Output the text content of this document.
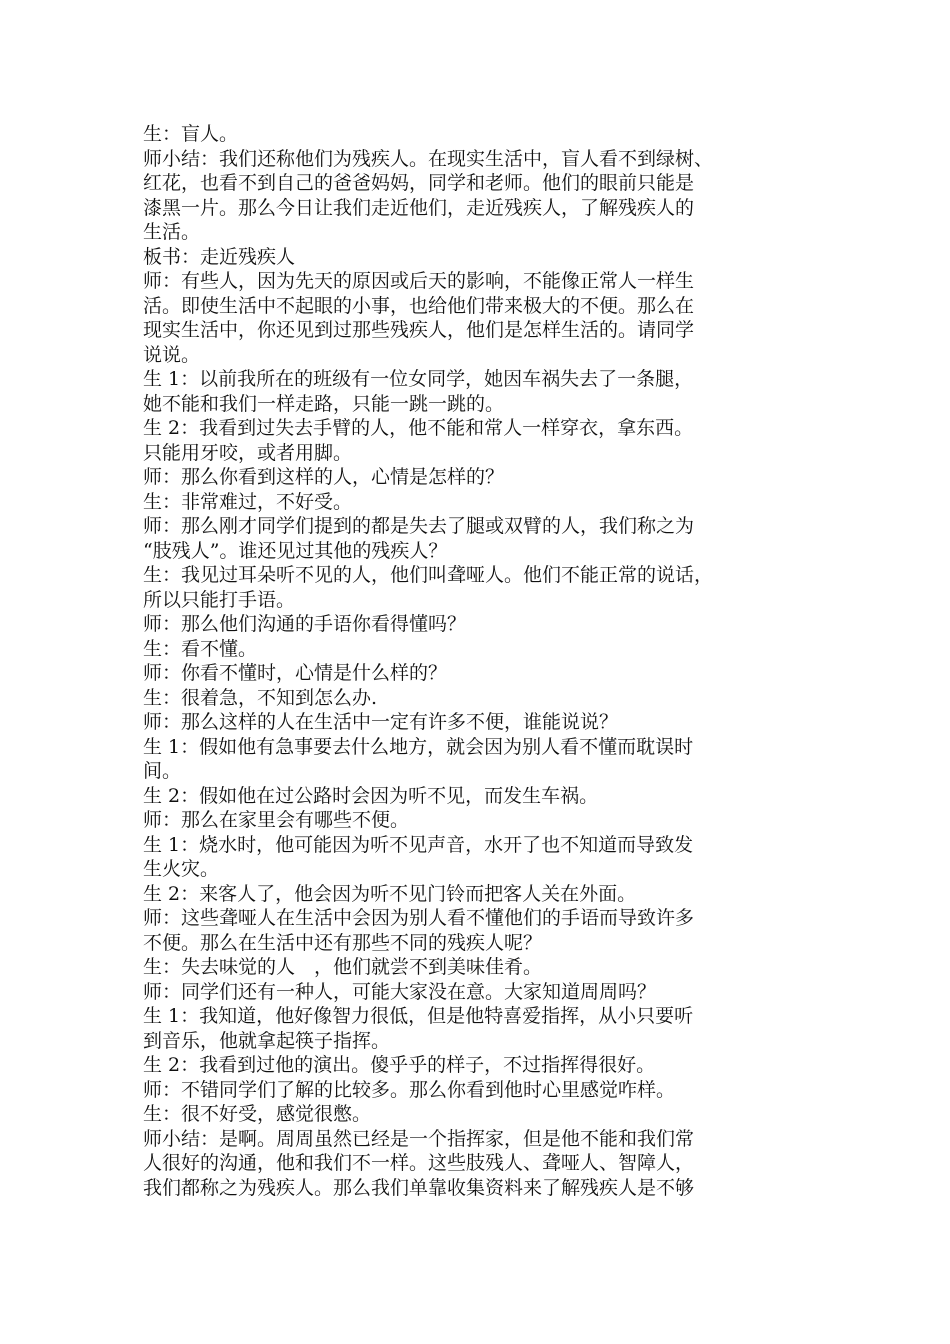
生：盲人。
师小结：我们还称他们为残疾人。在现实生活中，盲人看不到绿树、
红花，也看不到自己的爸爸妈妈，同学和老师。他们的眼前只能是
漆黑一片。那么今日让我们走近他们，走近残疾人，了解残疾人的
生活。
板书：走近残疾人
师：有些人，因为先天的原因或后天的影响，不能像正常人一样生
活。即使生活中不起眼的小事，也给他们带来极大的不便。那么在
现实生活中，你还见到过那些残疾人，他们是怎样生活的。请同学
说说。
生 1：以前我所在的班级有一位女同学，她因车祸失去了一条腿，
她不能和我们一样走路，只能一跳一跳的。
生 2：我看到过失去手臂的人，他不能和常人一样穿衣，拿东西。
只能用牙咬，或者用脚。
师：那么你看到这样的人，心情是怎样的？
生：非常难过，不好受。
师：那么刚才同学们提到的都是失去了腿或双臂的人，我们称之为
“肢残人”。谁还见过其他的残疾人？
生：我见过耳朵听不见的人，他们叫聋哑人。他们不能正常的说话，
所以只能打手语。
师：那么他们沟通的手语你看得懂吗？
生：看不懂。
师：你看不懂时，心情是什么样的？
生：很着急，不知到怎么办.
师：那么这样的人在生活中一定有许多不便，谁能说说？
生 1：假如他有急事要去什么地方，就会因为别人看不懂而耽误时
间。
生 2：假如他在过公路时会因为听不见，而发生车祸。
师：那么在家里会有哪些不便。
生 1：烧水时，他可能因为听不见声音，水开了也不知道而导致发
生火灾。
生 2：来客人了，他会因为听不见门铃而把客人关在外面。
师：这些聋哑人在生活中会因为别人看不懂他们的手语而导致许多
不便。那么在生活中还有那些不同的残疾人呢？
生：失去味觉的人　，他们就尝不到美味佳肴。
师：同学们还有一种人，可能大家没在意。大家知道周周吗？
生 1：我知道，他好像智力很低，但是他特喜爱指挥，从小只要听
到音乐，他就拿起筷子指挥。
生 2：我看到过他的演出。傻乎乎的样子，不过指挥得很好。
师：不错同学们了解的比较多。那么你看到他时心里感觉咋样。
生：很不好受，感觉很憋。
师小结：是啊。周周虽然已经是一个指挥家，但是他不能和我们常
人很好的沟通，他和我们不一样。这些肢残人、聋哑人、智障人，
我们都称之为残疾人。那么我们单靠收集资料来了解残疾人是不够
